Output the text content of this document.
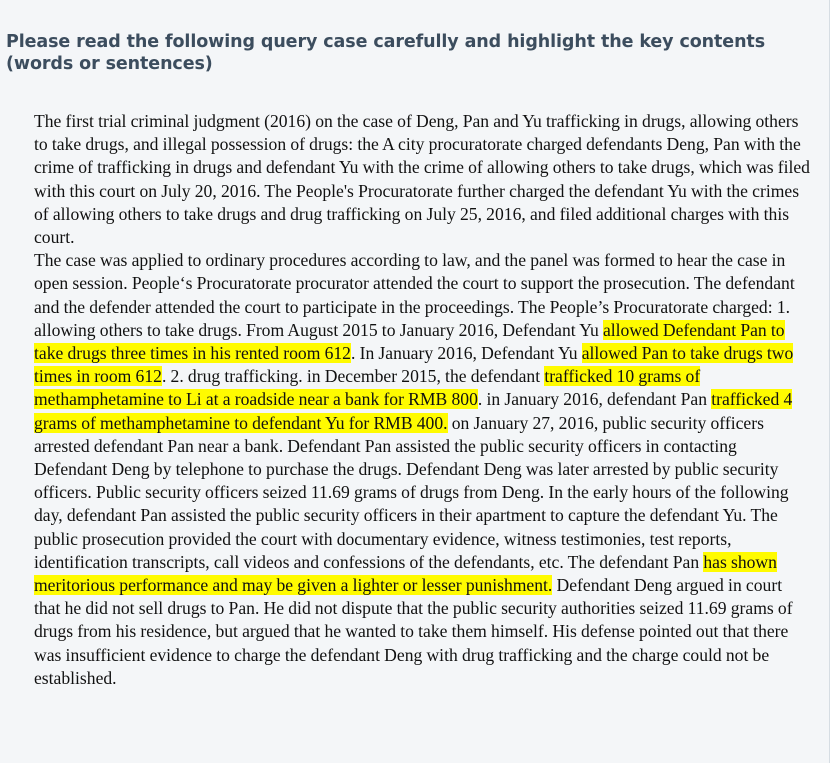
Please read the following query case carefully and highlight the key contents (words or sentences)

The first trial criminal judgment (2016) on the case of Deng, Pan and Yu trafficking in drugs, allowing others to take drugs, and illegal possession of drugs: the A city procuratorate charged defendants Deng, Pan with the crime of trafficking in drugs and defendant Yu with the crime of allowing others to take drugs, which was filed with this court on July 20, 2016. The People's Procuratorate further charged the defendant Yu with the crimes of allowing others to take drugs and drug trafficking on July 25, 2016, and filed additional charges with this court.

The case was applied to ordinary procedures according to law, and the panel was formed to hear the case in open session. People‘s Procuratorate procurator attended the court to support the prosecution. The defendant and the defender attended the court to participate in the proceedings. The People’s Procuratorate charged: 1. allowing others to take drugs. From August 2015 to January 2016, Defendant Yu allowed Defendant Pan to take drugs three times in his rented room 612. In January 2016, Defendant Yu allowed Pan to take drugs two times in room 612. 2. drug trafficking. in December 2015, the defendant trafficked 10 grams of methamphetamine to Li at a roadside near a bank for RMB 800. in January 2016, defendant Pan trafficked 4 grams of methamphetamine to defendant Yu for RMB 400. on January 27, 2016, public security officers arrested defendant Pan near a bank. Defendant Pan assisted the public security officers in contacting Defendant Deng by telephone to purchase the drugs. Defendant Deng was later arrested by public security officers. Public security officers seized 11.69 grams of drugs from Deng. In the early hours of the following day, defendant Pan assisted the public security officers in their apartment to capture the defendant Yu. The public prosecution provided the court with documentary evidence, witness testimonies, test reports, identification transcripts, call videos and confessions of the defendants, etc. The defendant Pan has shown meritorious performance and may be given a lighter or lesser punishment. Defendant Deng argued in court that he did not sell drugs to Pan. He did not dispute that the public security authorities seized 11.69 grams of drugs from his residence, but argued that he wanted to take them himself. His defense pointed out that there was insufficient evidence to charge the defendant Deng with drug trafficking and the charge could not be established.
